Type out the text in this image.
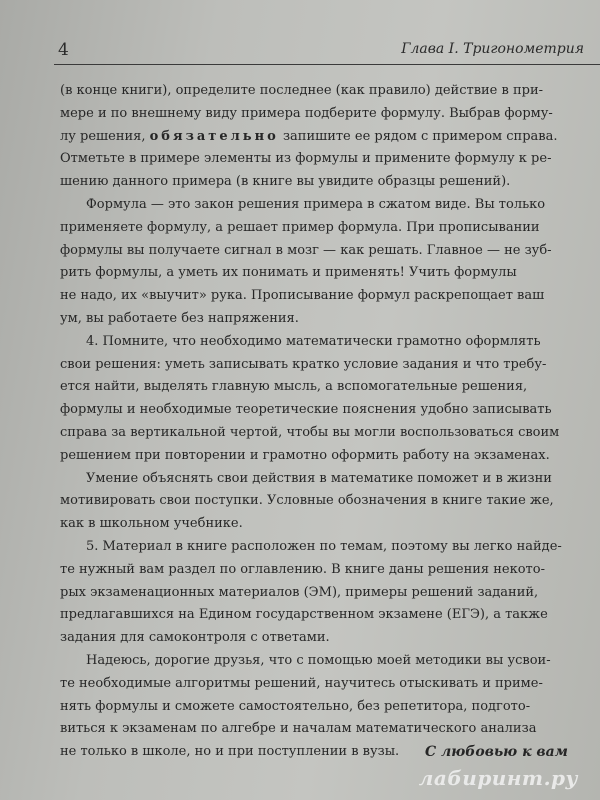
4	Глава I. Тригонометрия
(в конце книги), определите последнее (как правило) действие в при-
мере и по внешнему виду примера подберите формулу. Выбрав форму-
лу решения, обязательно запишите ее рядом с примером справа.
Отметьте в примере элементы из формулы и примените формулу к ре-
шению данного примера (в книге вы увидите образцы решений).
Формула — это закон решения примера в сжатом виде. Вы только
применяете формулу, а решает пример формула. При прописывании
формулы вы получаете сигнал в мозг — как решать. Главное — не зуб-
рить формулы, а уметь их понимать и применять! Учить формулы
не надо, их «выучит» рука. Прописывание формул раскрепощает ваш
ум, вы работаете без напряжения.
4. Помните, что необходимо математически грамотно оформлять
свои решения: уметь записывать кратко условие задания и что требу-
ется найти, выделять главную мысль, а вспомогательные решения,
формулы и необходимые теоретические пояснения удобно записывать
справа за вертикальной чертой, чтобы вы могли воспользоваться своим
решением при повторении и грамотно оформить работу на экзаменах.
Умение объяснять свои действия в математике поможет и в жизни
мотивировать свои поступки. Условные обозначения в книге такие же,
как в школьном учебнике.
5. Материал в книге расположен по темам, поэтому вы легко найде-
те нужный вам раздел по оглавлению. В книге даны решения некото-
рых экзаменационных материалов (ЭМ), примеры решений заданий,
предлагавшихся на Едином государственном экзамене (ЕГЭ), а также
задания для самоконтроля с ответами.
Надеюсь, дорогие друзья, что с помощью моей методики вы усвои-
те необходимые алгоритмы решений, научитесь отыскивать и приме-
нять формулы и сможете самостоятельно, без репетитора, подгото-
виться к экзаменам по алгебре и началам математического анализа
не только в школе, но и при поступлении в вузы.	С любовью к вам
лабиринт.ру
